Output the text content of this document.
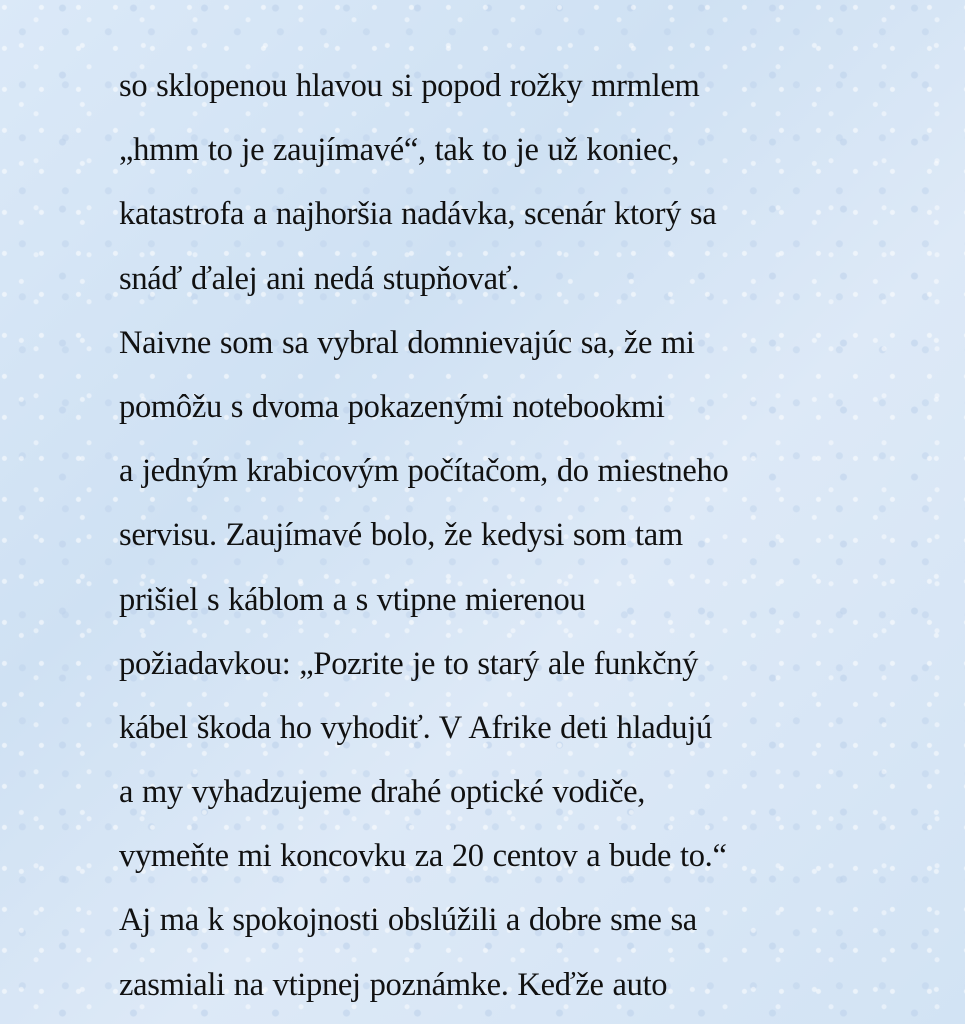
so sklopenou hlavou si popod rožky mrmlem
„hmm to je zaujímavé“, tak to je už koniec,
katastrofa a najhoršia nadávka, scenár ktorý sa
snáď ďalej ani nedá stupňovať.
Naivne som sa vybral domnievajúc sa, že mi
pomôžu s dvoma pokazenými notebookmi
a jedným krabicovým počítačom, do miestneho
servisu. Zaujímavé bolo, že kedysi som tam
prišiel s káblom a s vtipne mierenou
požiadavkou: „Pozrite je to starý ale funkčný
kábel škoda ho vyhodiť. V Afrike deti hladujú
a my vyhadzujeme drahé optické vodiče,
vymeňte mi koncovku za 20 centov a bude to.“
Aj ma k spokojnosti obslúžili a dobre sme sa
zasmiali na vtipnej poznámke. Keďže auto
